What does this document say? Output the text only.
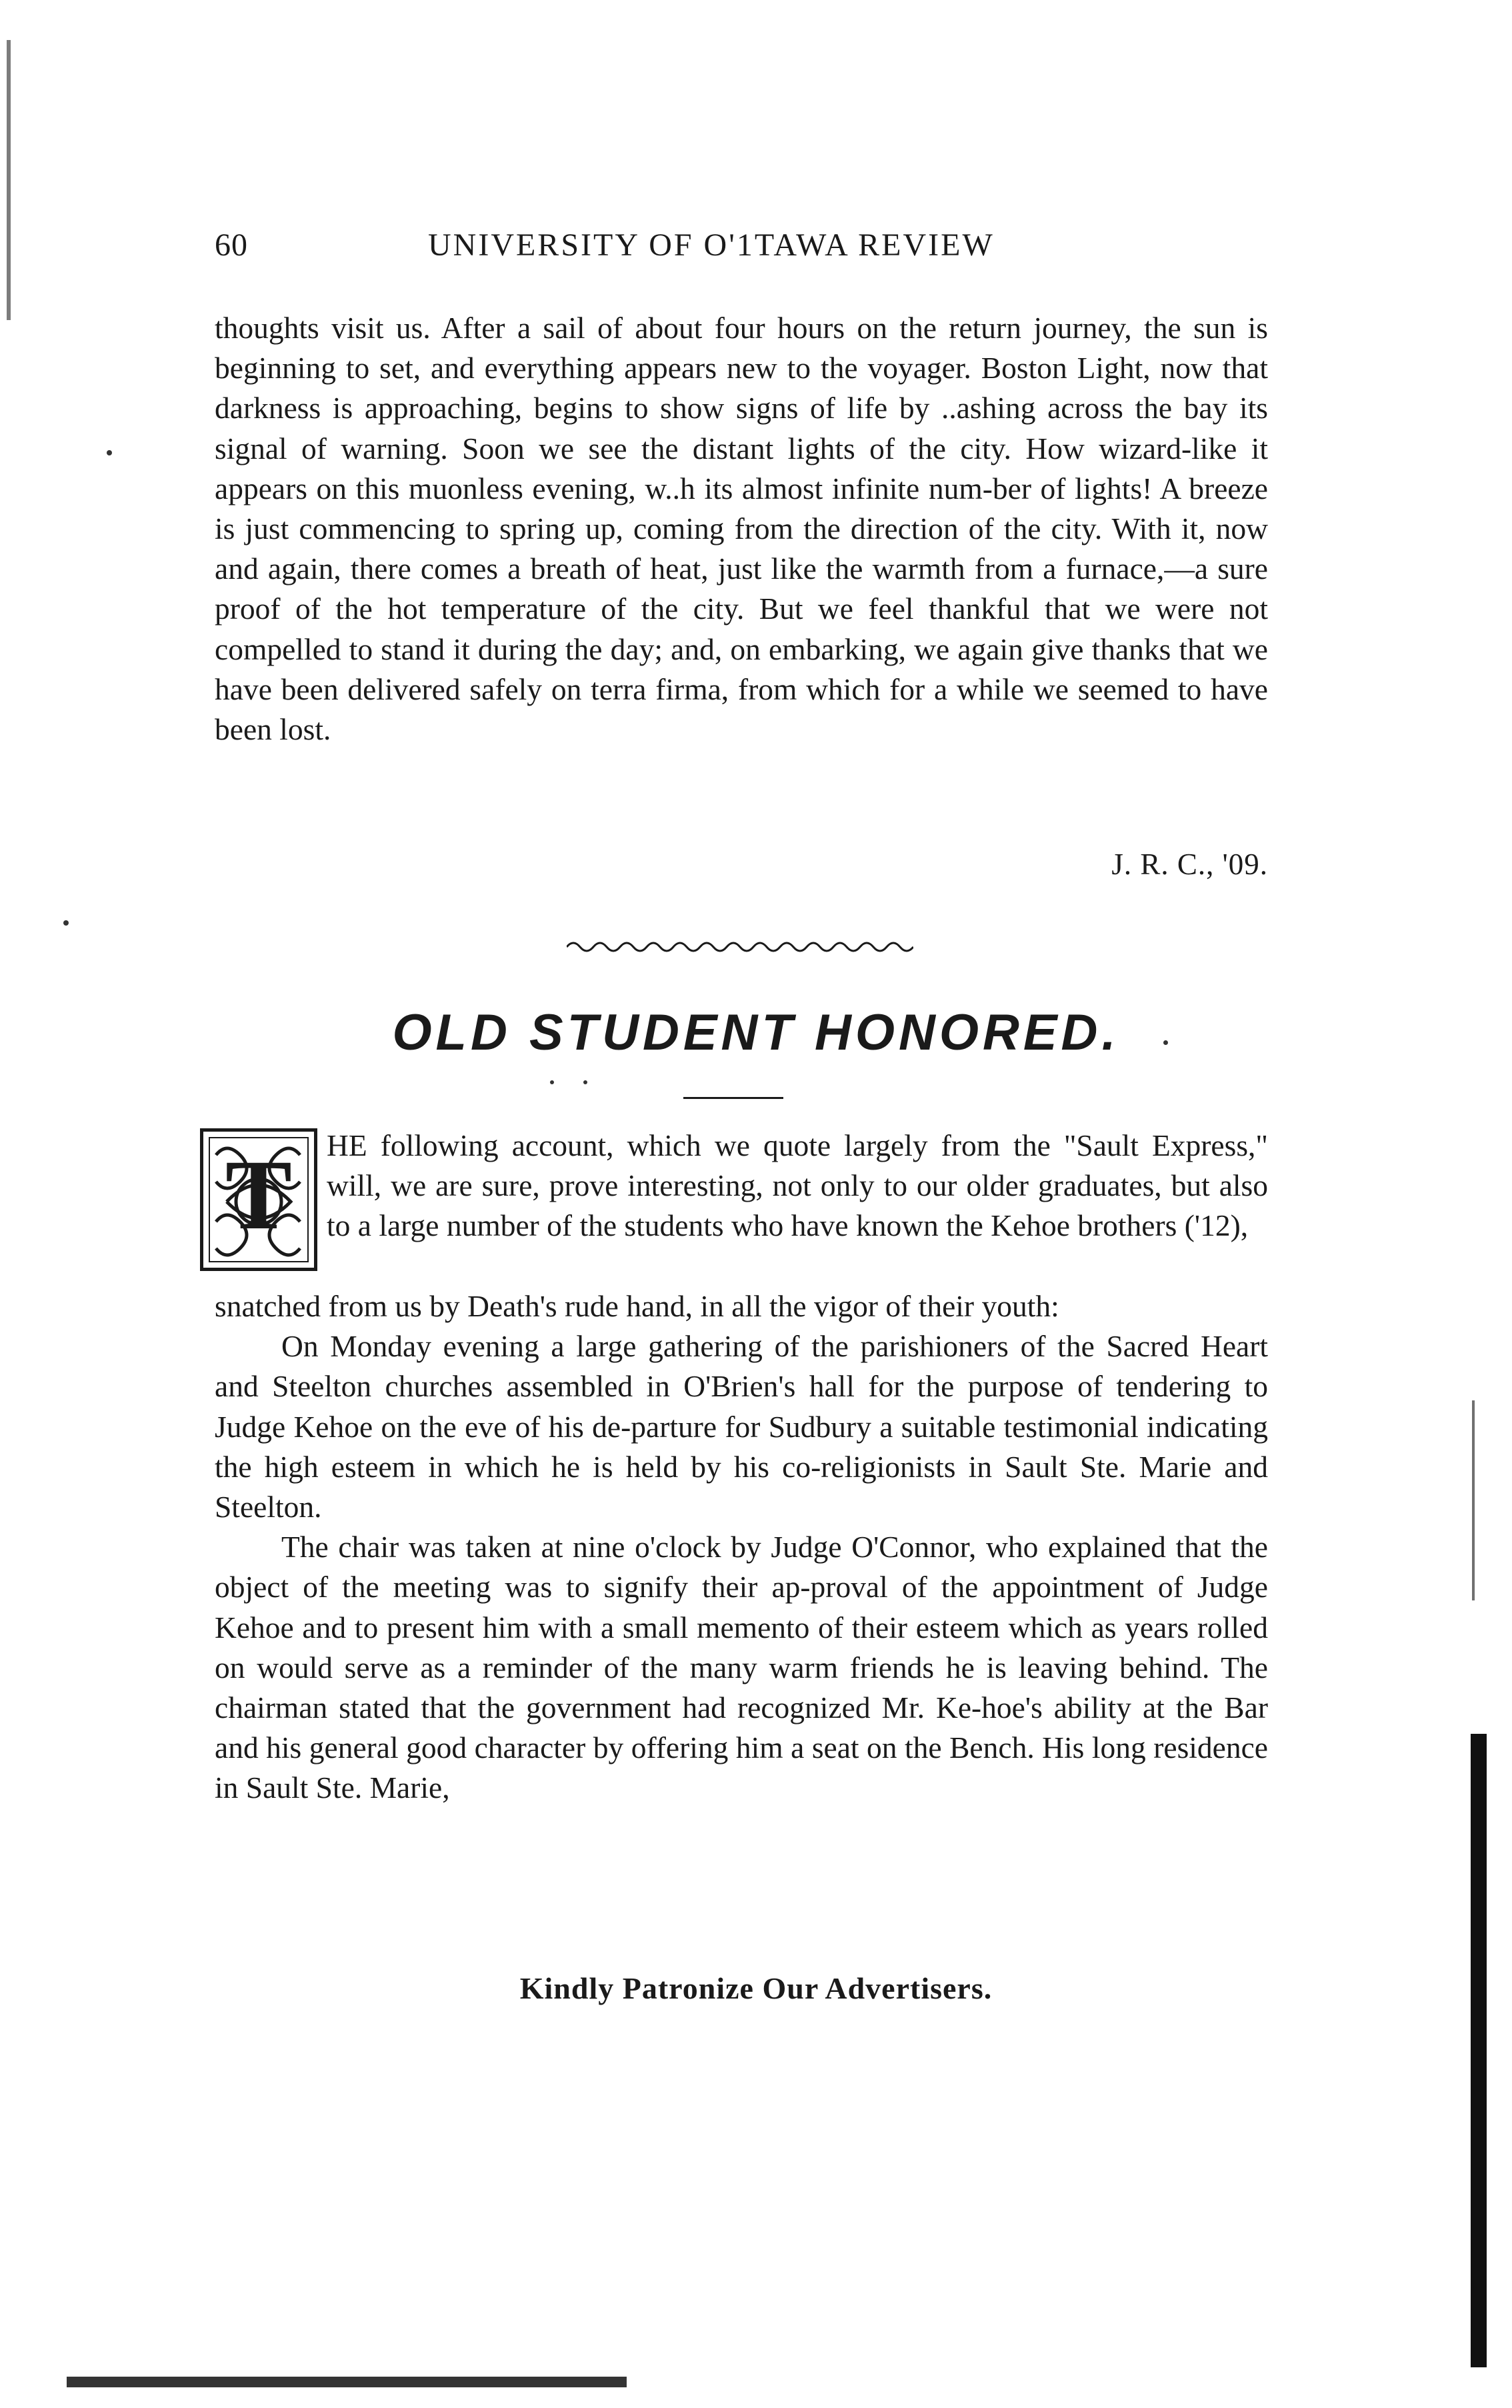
60	UNIVERSITY OF O'1TAWA REVIEW

thoughts visit us. After a sail of about four hours on the return journey, the sun is beginning to set, and everything appears new to the voyager. Boston Light, now that darkness is approaching, begins to show signs of life by ..ashing across the bay its signal of warning. Soon we see the distant lights of the city. How wizard-like it appears on this muonless evening, w..h its almost infinite num-ber of lights! A breeze is just commencing to spring up, coming from the direction of the city. With it, now and again, there comes a breath of heat, just like the warmth from a furnace,—a sure proof of the hot temperature of the city. But we feel thankful that we were not compelled to stand it during the day; and, on embarking, we again give thanks that we have been delivered safely on terra firma, from which for a while we seemed to have been lost.

J. R. C., '09.
OLD STUDENT HONORED.
T HE following account, which we quote largely from the "Sault Express," will, we are sure, prove interesting, not only to our older graduates, but also to a large number of the students who have known the Kehoe brothers ('12),

snatched from us by Death's rude hand, in all the vigor of their youth:

On Monday evening a large gathering of the parishioners of the Sacred Heart and Steelton churches assembled in O'Brien's hall for the purpose of tendering to Judge Kehoe on the eve of his de-parture for Sudbury a suitable testimonial indicating the high esteem in which he is held by his co-religionists in Sault Ste. Marie and Steelton.

The chair was taken at nine o'clock by Judge O'Connor, who explained that the object of the meeting was to signify their ap-proval of the appointment of Judge Kehoe and to present him with a small memento of their esteem which as years rolled on would serve as a reminder of the many warm friends he is leaving behind. The chairman stated that the government had recognized Mr. Ke-hoe's ability at the Bar and his general good character by offering him a seat on the Bench. His long residence in Sault Ste. Marie,

Kindly Patronize Our Advertisers.
